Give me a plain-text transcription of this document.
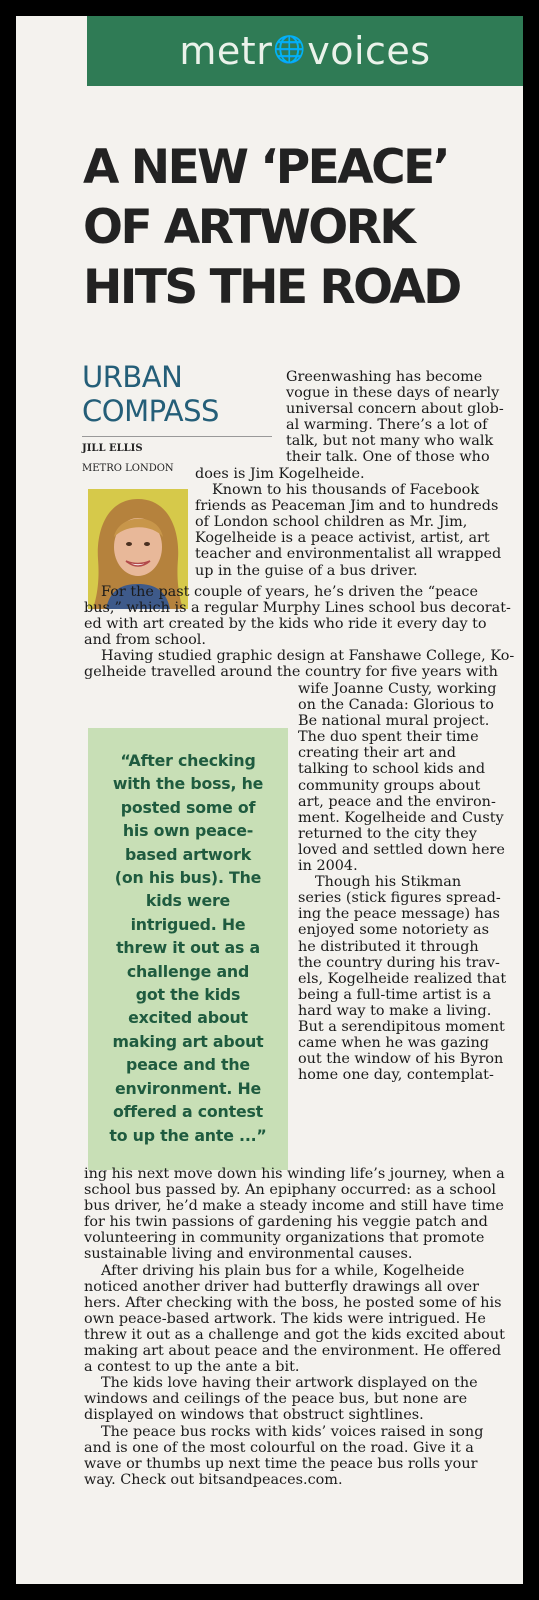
metr 🌐 voices
A NEW ‘PEACE’
OF ARTWORK
HITS THE ROAD
URBAN
COMPASS
JILL ELLIS
METRO LONDON
Greenwashing has become
vogue in these days of nearly
universal concern about glob-
al warming. There’s a lot of
talk, but not many who walk
their talk. One of those who
does is Jim Kogelheide.
Known to his thousands of Facebook
friends as Peaceman Jim and to hundreds
of London school children as Mr. Jim,
Kogelheide is a peace activist, artist, art
teacher and environmentalist all wrapped
up in the guise of a bus driver.
For the past couple of years, he’s driven the “peace
bus,” which is a regular Murphy Lines school bus decorat-
ed with art created by the kids who ride it every day to
and from school.
Having studied graphic design at Fanshawe College, Ko-
gelheide travelled around the country for five years with
“After checking
with the boss, he
posted some of
his own peace-
based artwork
(on his bus). The
kids were
intrigued. He
threw it out as a
challenge and
got the kids
excited about
making art about
peace and the
environment. He
offered a contest
to up the ante ...”
wife Joanne Custy, working
on the Canada: Glorious to
Be national mural project.
The duo spent their time
creating their art and
talking to school kids and
community groups about
art, peace and the environ-
ment. Kogelheide and Custy
returned to the city they
loved and settled down here
in 2004.
Though his Stikman
series (stick figures spread-
ing the peace message) has
enjoyed some notoriety as
he distributed it through
the country during his trav-
els, Kogelheide realized that
being a full-time artist is a
hard way to make a living.
But a serendipitous moment
came when he was gazing
out the window of his Byron
home one day, contemplat-
ing his next move down his winding life’s journey, when a
school bus passed by. An epiphany occurred: as a school
bus driver, he’d make a steady income and still have time
for his twin passions of gardening his veggie patch and
volunteering in community organizations that promote
sustainable living and environmental causes.
After driving his plain bus for a while, Kogelheide
noticed another driver had butterfly drawings all over
hers. After checking with the boss, he posted some of his
own peace-based artwork. The kids were intrigued. He
threw it out as a challenge and got the kids excited about
making art about peace and the environment. He offered
a contest to up the ante a bit.
The kids love having their artwork displayed on the
windows and ceilings of the peace bus, but none are
displayed on windows that obstruct sightlines.
The peace bus rocks with kids’ voices raised in song
and is one of the most colourful on the road. Give it a
wave or thumbs up next time the peace bus rolls your
way. Check out bitsandpeaces.com.
